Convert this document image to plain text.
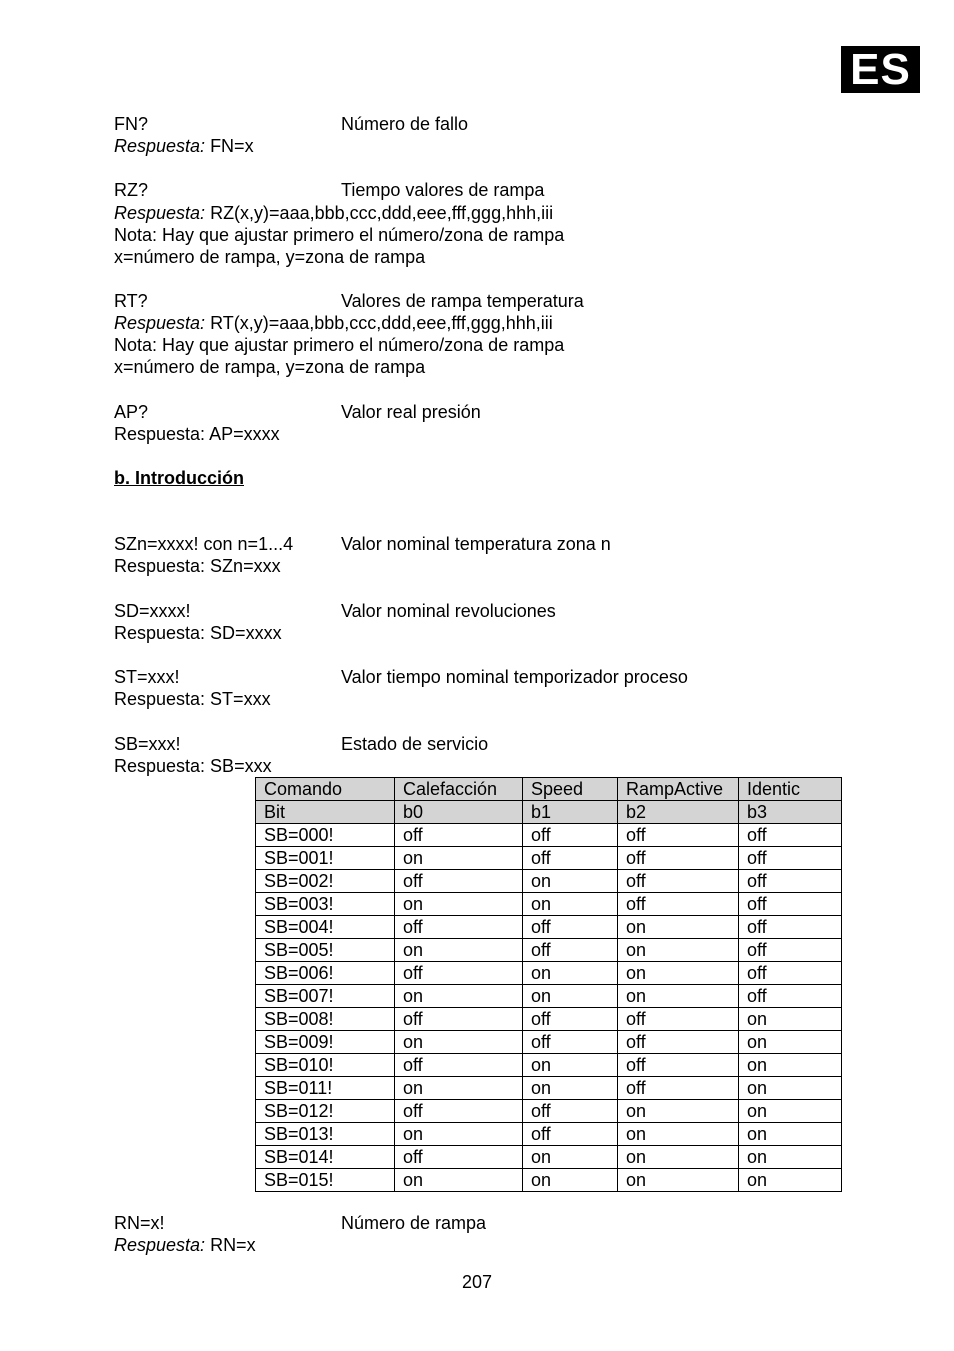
ES
FN?	Número de fallo
Respuesta: FN=x
RZ?	Tiempo valores de rampa
Respuesta: RZ(x,y)=aaa,bbb,ccc,ddd,eee,fff,ggg,hhh,iii
Nota: Hay que ajustar primero el número/zona de rampa
x=número de rampa, y=zona de rampa
RT?	Valores de rampa temperatura
Respuesta: RT(x,y)=aaa,bbb,ccc,ddd,eee,fff,ggg,hhh,iii
Nota: Hay que ajustar primero el número/zona de rampa
x=número de rampa, y=zona de rampa
AP?	Valor real presión
Respuesta: AP=xxxx
b. Introducción
SZn=xxxx! con n=1...4	Valor nominal temperatura zona n
Respuesta: SZn=xxx
SD=xxxx!	Valor nominal revoluciones
Respuesta: SD=xxxx
ST=xxx!	Valor tiempo nominal temporizador proceso
Respuesta: ST=xxx
SB=xxx!	Estado de servicio
Respuesta: SB=xxx
Comando	Calefacción	Speed	RampActive	Identic
Bit	b0	b1	b2	b3
SB=000!	off	off	off	off
SB=001!	on	off	off	off
SB=002!	off	on	off	off
SB=003!	on	on	off	off
SB=004!	off	off	on	off
SB=005!	on	off	on	off
SB=006!	off	on	on	off
SB=007!	on	on	on	off
SB=008!	off	off	off	on
SB=009!	on	off	off	on
SB=010!	off	on	off	on
SB=011!	on	on	off	on
SB=012!	off	off	on	on
SB=013!	on	off	on	on
SB=014!	off	on	on	on
SB=015!	on	on	on	on
RN=x!	Número de rampa
Respuesta: RN=x
207
